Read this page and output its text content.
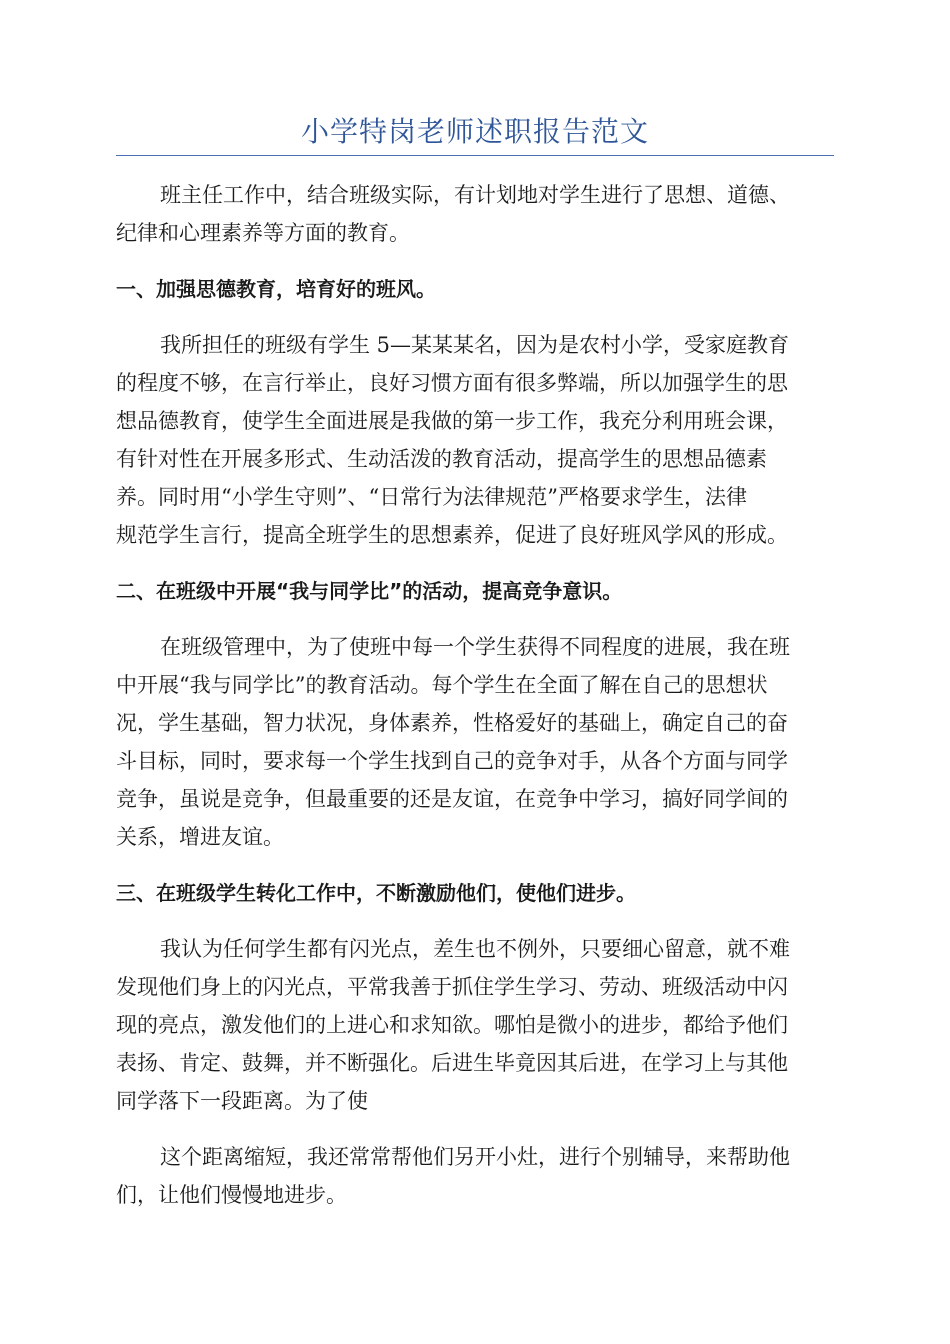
小学特岗老师述职报告范文

班主任工作中，结合班级实际，有计划地对学生进行了思想、道德、
纪律和心理素养等方面的教育。

一、加强思德教育，培育好的班风。

我所担任的班级有学生 5—某某某名，因为是农村小学，受家庭教育
的程度不够，在言行举止，良好习惯方面有很多弊端，所以加强学生的思
想品德教育，使学生全面进展是我做的第一步工作，我充分利用班会课，
有针对性在开展多形式、生动活泼的教育活动，提高学生的思想品德素
养。同时用“小学生守则”、“日常行为法律规范”严格要求学生，法律
规范学生言行，提高全班学生的思想素养，促进了良好班风学风的形成。

二、在班级中开展“我与同学比”的活动，提高竞争意识。

在班级管理中，为了使班中每一个学生获得不同程度的进展，我在班
中开展“我与同学比”的教育活动。每个学生在全面了解在自己的思想状
况，学生基础，智力状况，身体素养，性格爱好的基础上，确定自己的奋
斗目标，同时，要求每一个学生找到自己的竞争对手，从各个方面与同学
竞争，虽说是竞争，但最重要的还是友谊，在竞争中学习，搞好同学间的
关系，增进友谊。

三、在班级学生转化工作中，不断激励他们，使他们进步。

我认为任何学生都有闪光点，差生也不例外，只要细心留意，就不难
发现他们身上的闪光点，平常我善于抓住学生学习、劳动、班级活动中闪
现的亮点，激发他们的上进心和求知欲。哪怕是微小的进步，都给予他们
表扬、肯定、鼓舞，并不断强化。后进生毕竟因其后进，在学习上与其他
同学落下一段距离。为了使

这个距离缩短，我还常常帮他们另开小灶，进行个别辅导，来帮助他
们，让他们慢慢地进步。
